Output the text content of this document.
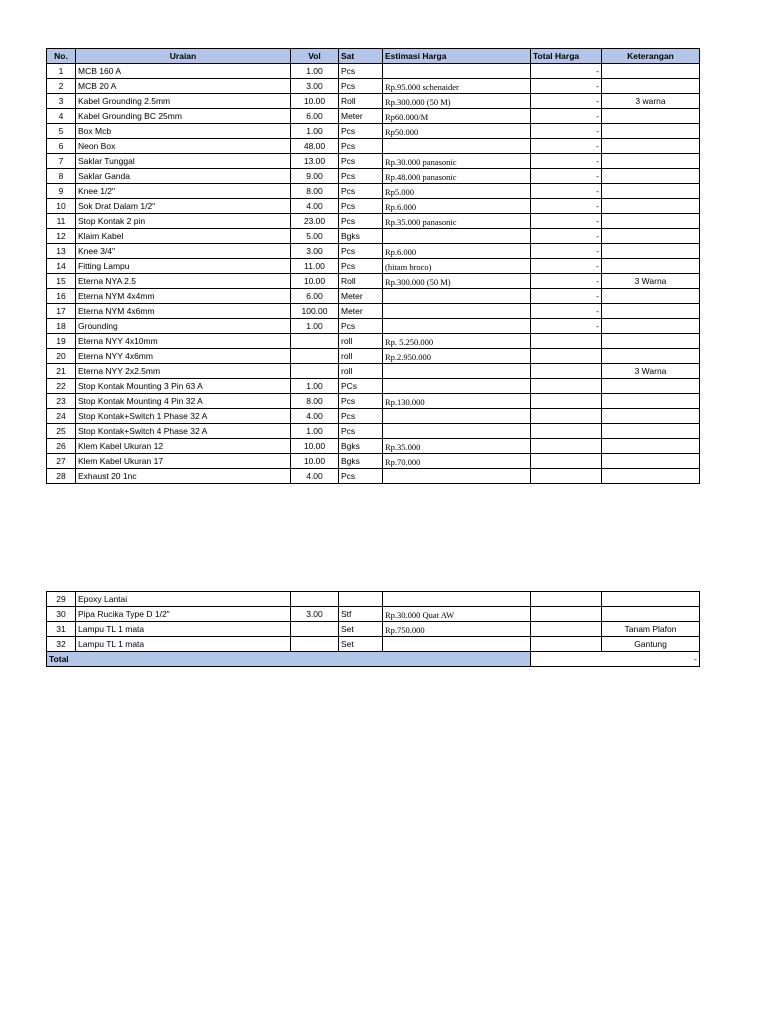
No.	Uraian	Vol	Sat	Estimasi Harga	Total Harga	Keterangan
1	MCB 160 A	1.00	Pcs		-	
2	MCB 20 A	3.00	Pcs	Rp.95.000 schenaider	-	
3	Kabel Grounding 2.5mm	10.00	Roll	Rp.300.000 (50 M)	-	3 warna
4	Kabel Grounding BC 25mm	6.00	Meter	Rp60.000/M	-	
5	Box Mcb	1.00	Pcs	Rp50.000	-	
6	Neon Box	48.00	Pcs		-	
7	Saklar Tunggal	13.00	Pcs	Rp.30.000 panasonic	-	
8	Saklar Ganda	9.00	Pcs	Rp.48.000 panasonic	-	
9	Knee 1/2"	8.00	Pcs	Rp5.000	-	
10	Sok Drat Dalam 1/2"	4.00	Pcs	Rp.6.000	-	
11	Stop Kontak 2 pin	23.00	Pcs	Rp.35.000 panasonic	-	
12	Klaim Kabel	5.00	Bgks		-	
13	Knee 3/4"	3.00	Pcs	Rp.6.000	-	
14	Fitting Lampu	11.00	Pcs	(hitam broco)	-	
15	Eterna NYA 2.5	10.00	Roll	Rp.300.000 (50 M)	-	3 Warna
16	Eterna NYM 4x4mm	6.00	Meter		-	
17	Eterna NYM 4x6mm	100.00	Meter		-	
18	Grounding	1.00	Pcs		-	
19	Eterna NYY 4x10mm		roll	Rp. 5.250.000		
20	Eterna NYY 4x6mm		roll	Rp.2.950.000		
21	Eterna NYY 2x2.5mm		roll			3 Warna
22	Stop Kontak Mounting 3 Pin 63 A	1.00	PCs			
23	Stop Kontak Mounting 4 Pin 32 A	8.00	Pcs	Rp.130.000		
24	Stop Kontak+Switch 1 Phase 32 A	4.00	Pcs			
25	Stop Kontak+Switch 4 Phase 32 A	1.00	Pcs			
26	Klem Kabel Ukuran 12	10.00	Bgks	Rp.35.000		
27	Klem Kabel Ukuran 17	10.00	Bgks	Rp.70.000		
28	Exhaust 20 1nc	4.00	Pcs			
29	Epoxy Lantai					
30	Pipa Rucika Type D 1/2"	3.00	Stf	Rp.30.000 Quat AW		
31	Lampu TL 1 mata		Set	Rp.750.000		Tanam Plafon
32	Lampu TL 1 mata		Set			Gantung
Total					-	
